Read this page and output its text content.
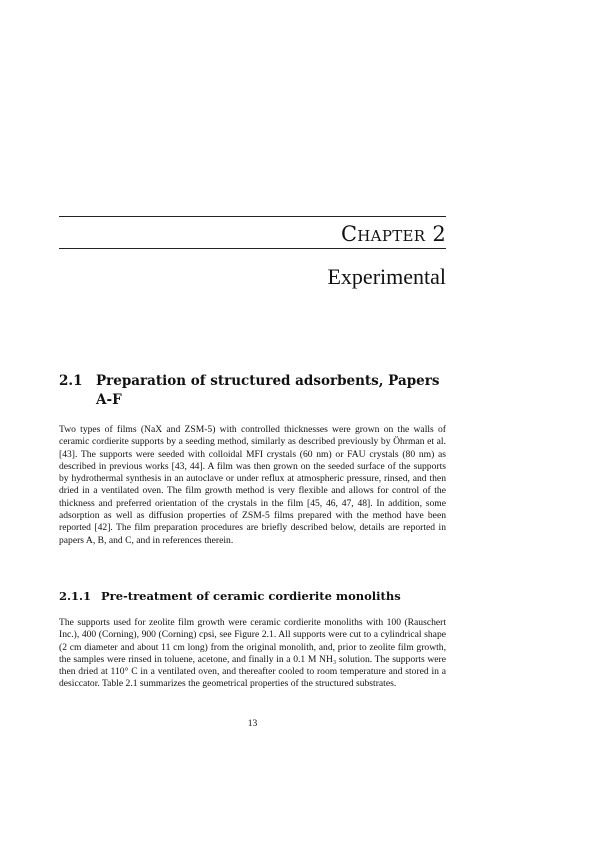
Chapter 2
Experimental
2.1 Preparation of structured adsorbents, Papers A-F
Two types of films (NaX and ZSM-5) with controlled thicknesses were grown on the walls of ceramic cordierite supports by a seeding method, similarly as described previously by Öhrman et al. [43]. The supports were seeded with colloidal MFI crystals (60 nm) or FAU crystals (80 nm) as described in previous works [43, 44]. A film was then grown on the seeded surface of the supports by hydrothermal synthesis in an autoclave or under reflux at atmospheric pressure, rinsed, and then dried in a ventilated oven. The film growth method is very flexible and allows for control of the thickness and preferred orientation of the crystals in the film [45, 46, 47, 48]. In addition, some adsorption as well as diffusion properties of ZSM-5 films prepared with the method have been reported [42]. The film preparation procedures are briefly described below, details are reported in papers A, B, and C, and in references therein.
2.1.1 Pre-treatment of ceramic cordierite monoliths
The supports used for zeolite film growth were ceramic cordierite monoliths with 100 (Rauschert Inc.), 400 (Corning), 900 (Corning) cpsi, see Figure 2.1. All supports were cut to a cylindrical shape (2 cm diameter and about 11 cm long) from the original monolith, and, prior to zeolite film growth, the samples were rinsed in toluene, acetone, and finally in a 0.1 M NH₃ solution. The supports were then dried at 110° C in a ventilated oven, and thereafter cooled to room temperature and stored in a desiccator. Table 2.1 summarizes the geometrical properties of the structured substrates.
13
